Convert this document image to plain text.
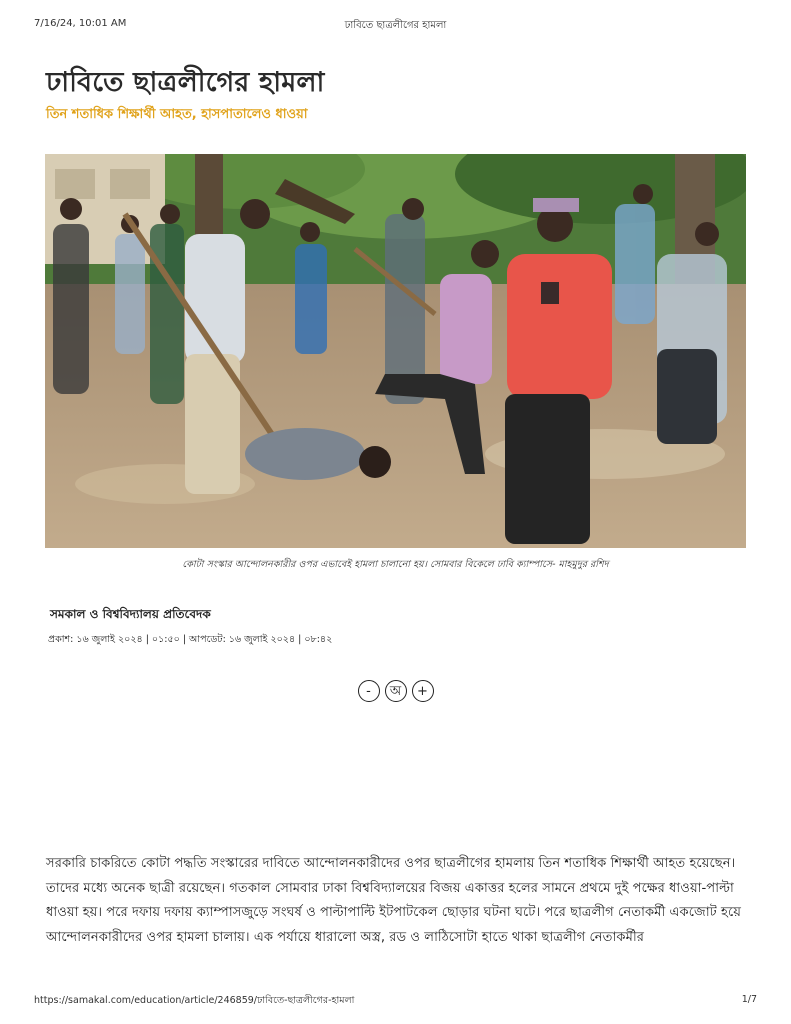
7/16/24, 10:01 AM	ঢাবিতে ছাত্রলীগের হামলা
ঢাবিতে ছাত্রলীগের হামলা
তিন শতাধিক শিক্ষার্থী আহত, হাসপাতালেও ধাওয়া
কোটা সংস্কার আন্দোলনকারীর ওপর এভাবেই হামলা চালানো হয়। সোমবার বিকেলে ঢাবি ক্যাম্পাসে- মাহমুদুর রশিদ
সমকাল ও বিশ্ববিদ্যালয় প্রতিবেদক
প্রকাশ: ১৬ জুলাই ২০২৪ | ০১:৫০ | আপডেট: ১৬ জুলাই ২০২৪ | ০৮:৪২
-	অ	+

সরকারি চাকরিতে কোটা পদ্ধতি সংস্কারের দাবিতে আন্দোলনকারীদের ওপর ছাত্রলীগের হামলায় তিন শতাধিক শিক্ষার্থী আহত হয়েছেন। তাদের মধ্যে অনেক ছাত্রী রয়েছেন। গতকাল সোমবার ঢাকা বিশ্ববিদ্যালয়ের বিজয় একাত্তর হলের সামনে প্রথমে দুই পক্ষের ধাওয়া-পাল্টা ধাওয়া হয়। পরে দফায় দফায় ক্যাম্পাসজুড়ে সংঘর্ষ ও পাল্টাপাল্টি ইটপাটকেল ছোড়ার ঘটনা ঘটে। পরে ছাত্রলীগ নেতাকর্মী একজোট হয়ে আন্দোলনকারীদের ওপর হামলা চালায়। এক পর্যায়ে ধারালো অস্ত্র, রড ও লাঠিসোটা হাতে থাকা ছাত্রলীগ নেতাকর্মীর

https://samakal.com/education/article/246859/ঢাবিতে-ছাত্রলীগের-হামলা	1/7
